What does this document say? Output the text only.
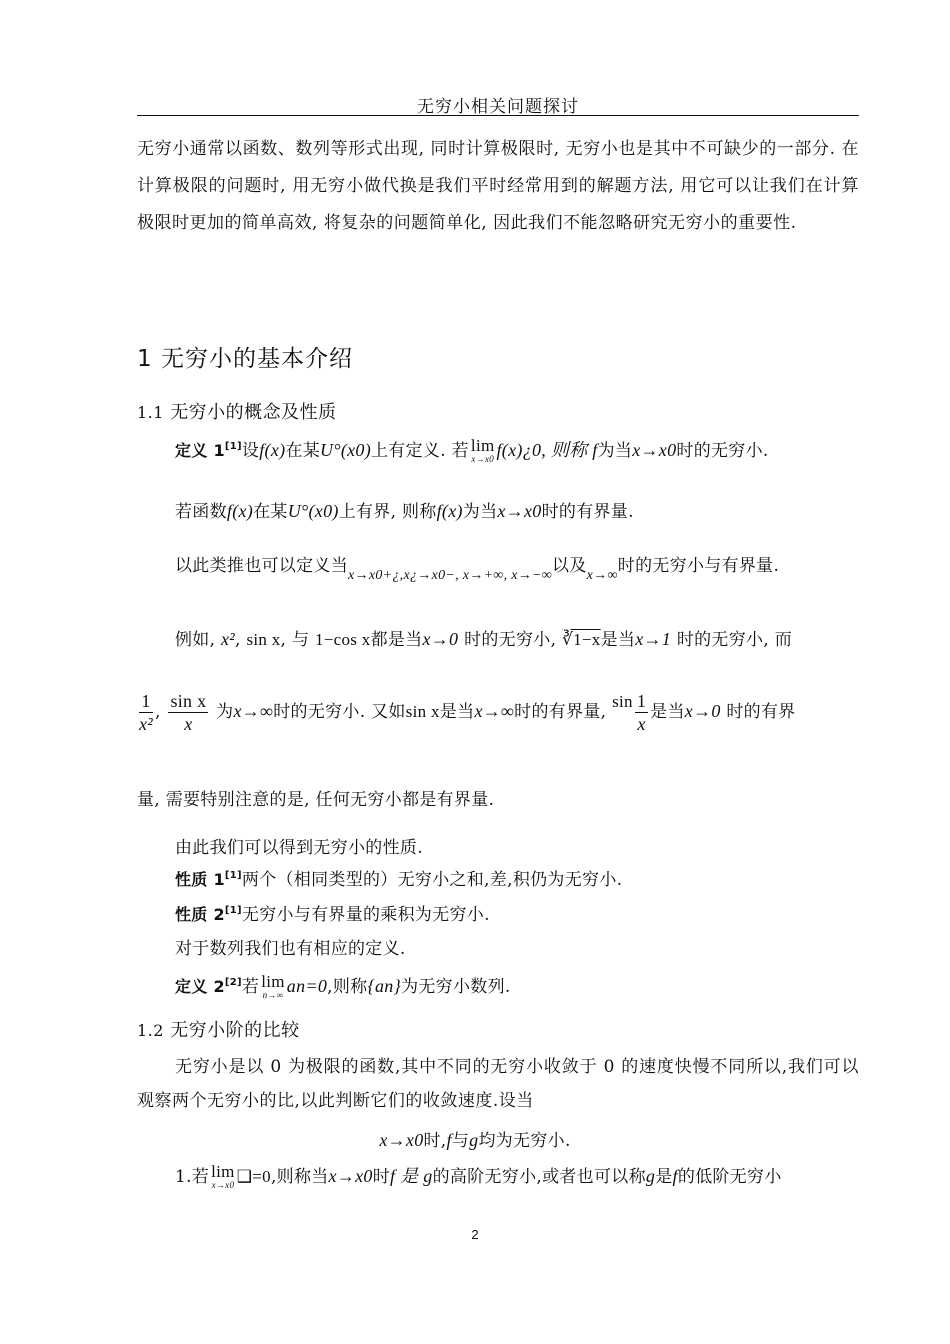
无穷小相关问题探讨
无穷小通常以函数、数列等形式出现, 同时计算极限时, 无穷小也是其中不可缺少的一部分. 在计算极限的问题时, 用无穷小做代换是我们平时经常用到的解题方法, 用它可以让我们在计算极限时更加的简单高效, 将复杂的问题简单化, 因此我们不能忽略研究无穷小的重要性.
1 无穷小的基本介绍
1.1 无穷小的概念及性质
定义 1[1]设f(x)在某U°(x0)上有定义. 若 lim
x→x0 f(x)¿0, 则称 f为当x→x0时的无穷小.
若函数f(x)在某U°(x0)上有界, 则称f(x)为当x→x0时的有界量.
以此类推也可以定义当$_{x\to x0+¿,x¿\to x0-, x\to+\infty, x\to-\infty}$以及$_{x\to\infty}$时的无穷小与有界量.
例如, x², sin x, 与 1−cos x都是当x→0 时的无穷小, ∛1−x是当x→1 时的无穷小, 而
$\frac{1}{\text{x²}}$ , $\frac{\text{sin x}}{x}$ 为x→∞时的无穷小. 又如sin x是当x→∞时的有界量, $\sin \frac{1}{x}$ 是当x→0 时的有界
量, 需要特别注意的是, 任何无穷小都是有界量.
由此我们可以得到无穷小的性质.
性质 1[1]两个（相同类型的）无穷小之和,差,积仍为无穷小.
性质 2[1]无穷小与有界量的乘积为无穷小.
对于数列我们也有相应的定义.
定义 2[2]若 lim
n→∞ an=0,则称{an}为无穷小数列.
1.2 无穷小阶的比较
无穷小是以 0 为极限的函数,其中不同的无穷小收敛于 0 的速度快慢不同所以,我们可以观察两个无穷小的比,以此判断它们的收敛速度.设当
x→x0时,f与g均为无穷小.
1.若 lim
x→x0 ❑=0,则称当x→x0时f 是 g的高阶无穷小,或者也可以称g是f的低阶无穷小
2
